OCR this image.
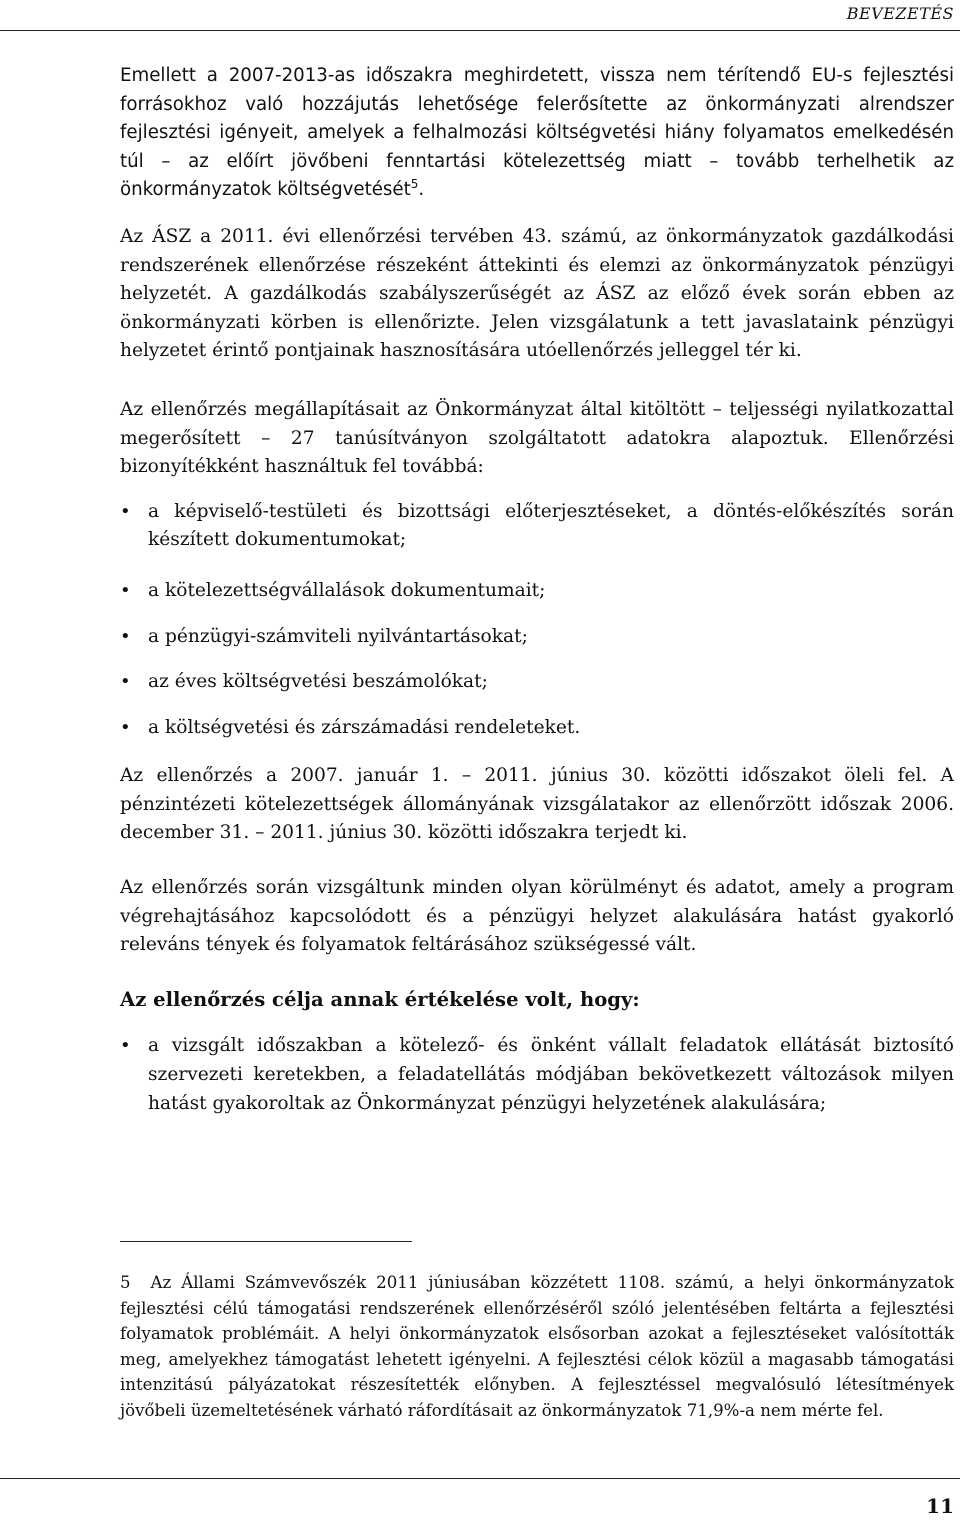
BEVEZETÉS

Emellett a 2007-2013-as időszakra meghirdetett, vissza nem térítendő EU-s fejlesztési forrásokhoz való hozzájutás lehetősége felerősítette az önkormányzati alrendszer fejlesztési igényeit, amelyek a felhalmozási költségvetési hiány folyamatos emelkedésén túl – az előírt jövőbeni fenntartási kötelezettség miatt – tovább terhelhetik az önkormányzatok költségvetését$^5$.

Az ÁSZ a 2011. évi ellenőrzési tervében 43. számú, az önkormányzatok gazdálkodási rendszerének ellenőrzése részeként áttekinti és elemzi az önkormányzatok pénzügyi helyzetét. A gazdálkodás szabályszerűségét az ÁSZ az előző évek során ebben az önkormányzati körben is ellenőrizte. Jelen vizsgálatunk a tett javaslataink pénzügyi helyzetet érintő pontjainak hasznosítására utóellenőrzés jelleggel tér ki.

Az ellenőrzés megállapításait az Önkormányzat által kitöltött – teljességi nyilatkozattal megerősített – 27 tanúsítványon szolgáltatott adatokra alapoztuk. Ellenőrzési bizonyítékként használtuk fel továbbá:

• a képviselő-testületi és bizottsági előterjesztéseket, a döntés-előkészítés során készített dokumentumokat;
• a kötelezettségvállalások dokumentumait;
• a pénzügyi-számviteli nyilvántartásokat;
• az éves költségvetési beszámolókat;
• a költségvetési és zárszámadási rendeleteket.

Az ellenőrzés a 2007. január 1. – 2011. június 30. közötti időszakot öleli fel. A pénzintézeti kötelezettségek állományának vizsgálatakor az ellenőrzött időszak 2006. december 31. – 2011. június 30. közötti időszakra terjedt ki.

Az ellenőrzés során vizsgáltunk minden olyan körülményt és adatot, amely a program végrehajtásához kapcsolódott és a pénzügyi helyzet alakulására hatást gyakorló releváns tények és folyamatok feltárásához szükségessé vált.

Az ellenőrzés célja annak értékelése volt, hogy:

• a vizsgált időszakban a kötelező- és önként vállalt feladatok ellátását biztosító szervezeti keretekben, a feladatellátás módjában bekövetkezett változások milyen hatást gyakoroltak az Önkormányzat pénzügyi helyzetének alakulására;

5 Az Állami Számvevőszék 2011 júniusában közzétett 1108. számú, a helyi önkormányzatok fejlesztési célú támogatási rendszerének ellenőrzéséről szóló jelentésében feltárta a fejlesztési folyamatok problémáit. A helyi önkormányzatok elsősorban azokat a fejlesztéseket valósították meg, amelyekhez támogatást lehetett igényelni. A fejlesztési célok közül a magasabb támogatási intenzitású pályázatokat részesítették előnyben. A fejlesztéssel megvalósuló létesítmények jövőbeli üzemeltetésének várható ráfordításait az önkormányzatok 71,9%-a nem mérte fel.

11
